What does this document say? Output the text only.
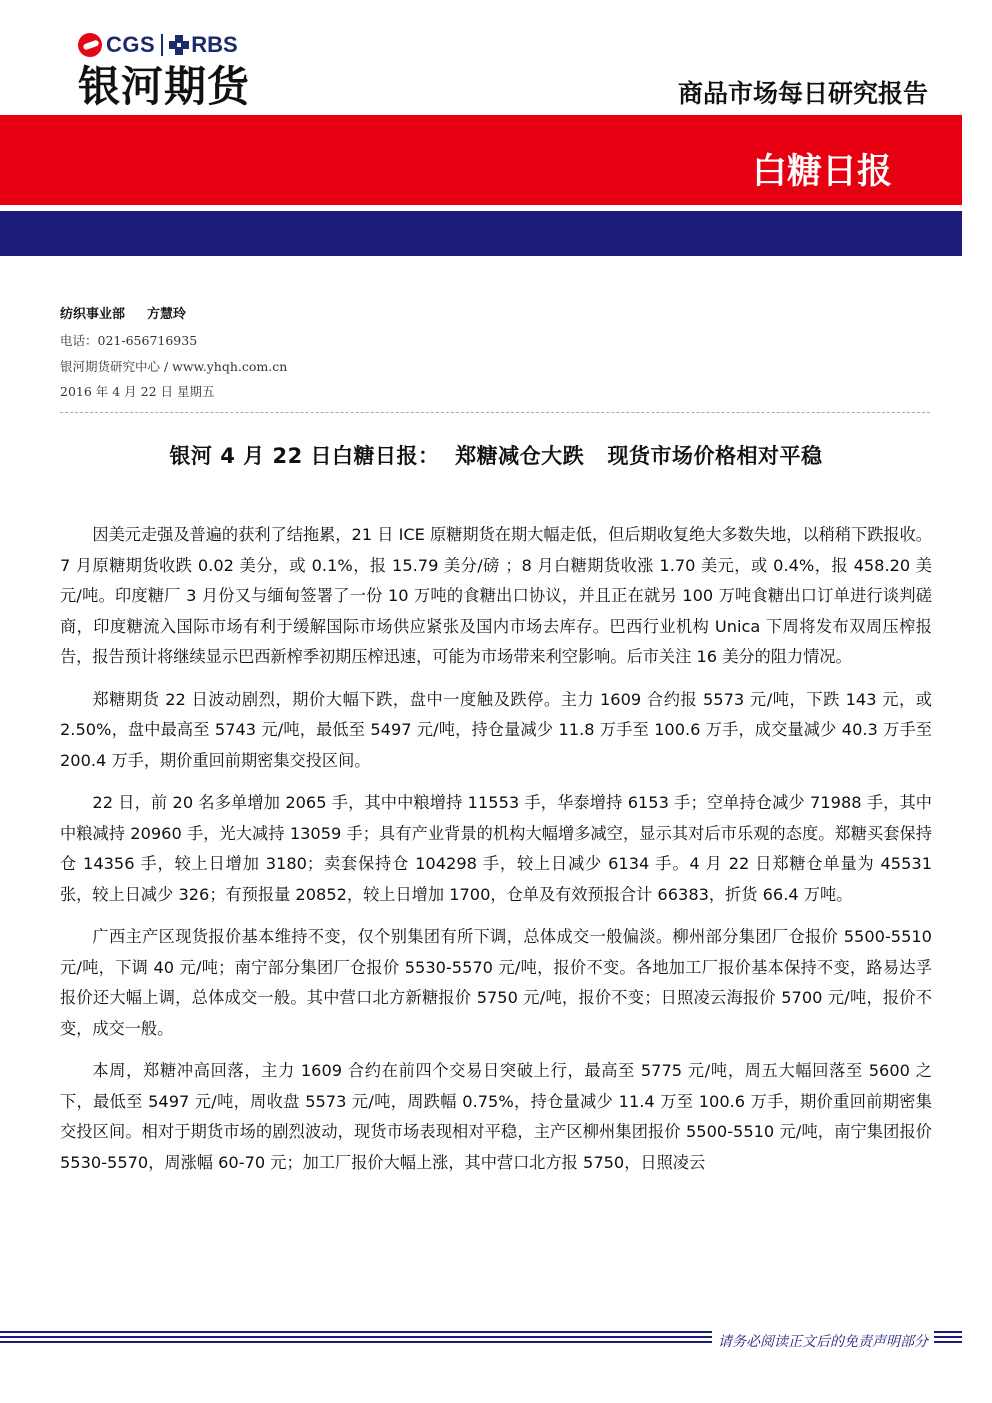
CGS RBS
银河期货	商品市场每日研究报告
白糖日报
纺织事业部 方慧玲
电话：021-656716935
银河期货研究中心 / www.yhqh.com.cn
2016 年 4 月 22 日 星期五
银河 4 月 22 日白糖日报：  郑糖减仓大跌   现货市场价格相对平稳

因美元走强及普遍的获利了结拖累，21 日 ICE 原糖期货在期大幅走低，但后期收复绝大多数失地，以稍稍下跌报收。7 月原糖期货收跌 0.02 美分，或 0.1%，报 15.79 美分/磅 ；8 月白糖期货收涨 1.70 美元，或 0.4%，报 458.20 美元/吨。印度糖厂 3 月份又与缅甸签署了一份 10 万吨的食糖出口协议，并且正在就另 100 万吨食糖出口订单进行谈判磋商，印度糖流入国际市场有利于缓解国际市场供应紧张及国内市场去库存。巴西行业机构 Unica 下周将发布双周压榨报告，报告预计将继续显示巴西新榨季初期压榨迅速，可能为市场带来利空影响。后市关注 16 美分的阻力情况。

郑糖期货 22 日波动剧烈，期价大幅下跌，盘中一度触及跌停。主力 1609 合约报 5573 元/吨，下跌 143 元，或 2.50%，盘中最高至 5743 元/吨，最低至 5497 元/吨，持仓量减少 11.8 万手至 100.6 万手，成交量减少 40.3 万手至 200.4 万手，期价重回前期密集交投区间。

22 日，前 20 名多单增加 2065 手，其中中粮增持 11553 手，华泰增持 6153 手；空单持仓减少 71988 手，其中中粮减持 20960 手，光大减持 13059 手；具有产业背景的机构大幅增多减空，显示其对后市乐观的态度。郑糖买套保持仓 14356 手，较上日增加 3180；卖套保持仓 104298 手，较上日减少 6134 手。4 月 22 日郑糖仓单量为 45531 张，较上日减少 326；有预报量 20852，较上日增加 1700，仓单及有效预报合计 66383，折货 66.4 万吨。

广西主产区现货报价基本维持不变，仅个别集团有所下调，总体成交一般偏淡。柳州部分集团厂仓报价 5500-5510 元/吨，下调 40 元/吨；南宁部分集团厂仓报价 5530-5570 元/吨，报价不变。各地加工厂报价基本保持不变，路易达孚报价还大幅上调，总体成交一般。其中营口北方新糖报价 5750 元/吨，报价不变；日照凌云海报价 5700 元/吨，报价不变，成交一般。

本周，郑糖冲高回落，主力 1609 合约在前四个交易日突破上行，最高至 5775 元/吨，周五大幅回落至 5600 之下，最低至 5497 元/吨，周收盘 5573 元/吨，周跌幅 0.75%，持仓量减少 11.4 万至 100.6 万手，期价重回前期密集交投区间。相对于期货市场的剧烈波动，现货市场表现相对平稳，主产区柳州集团报价 5500-5510 元/吨，南宁集团报价 5530-5570，周涨幅 60-70 元；加工厂报价大幅上涨，其中营口北方报 5750，日照凌云

请务必阅读正文后的免责声明部分
